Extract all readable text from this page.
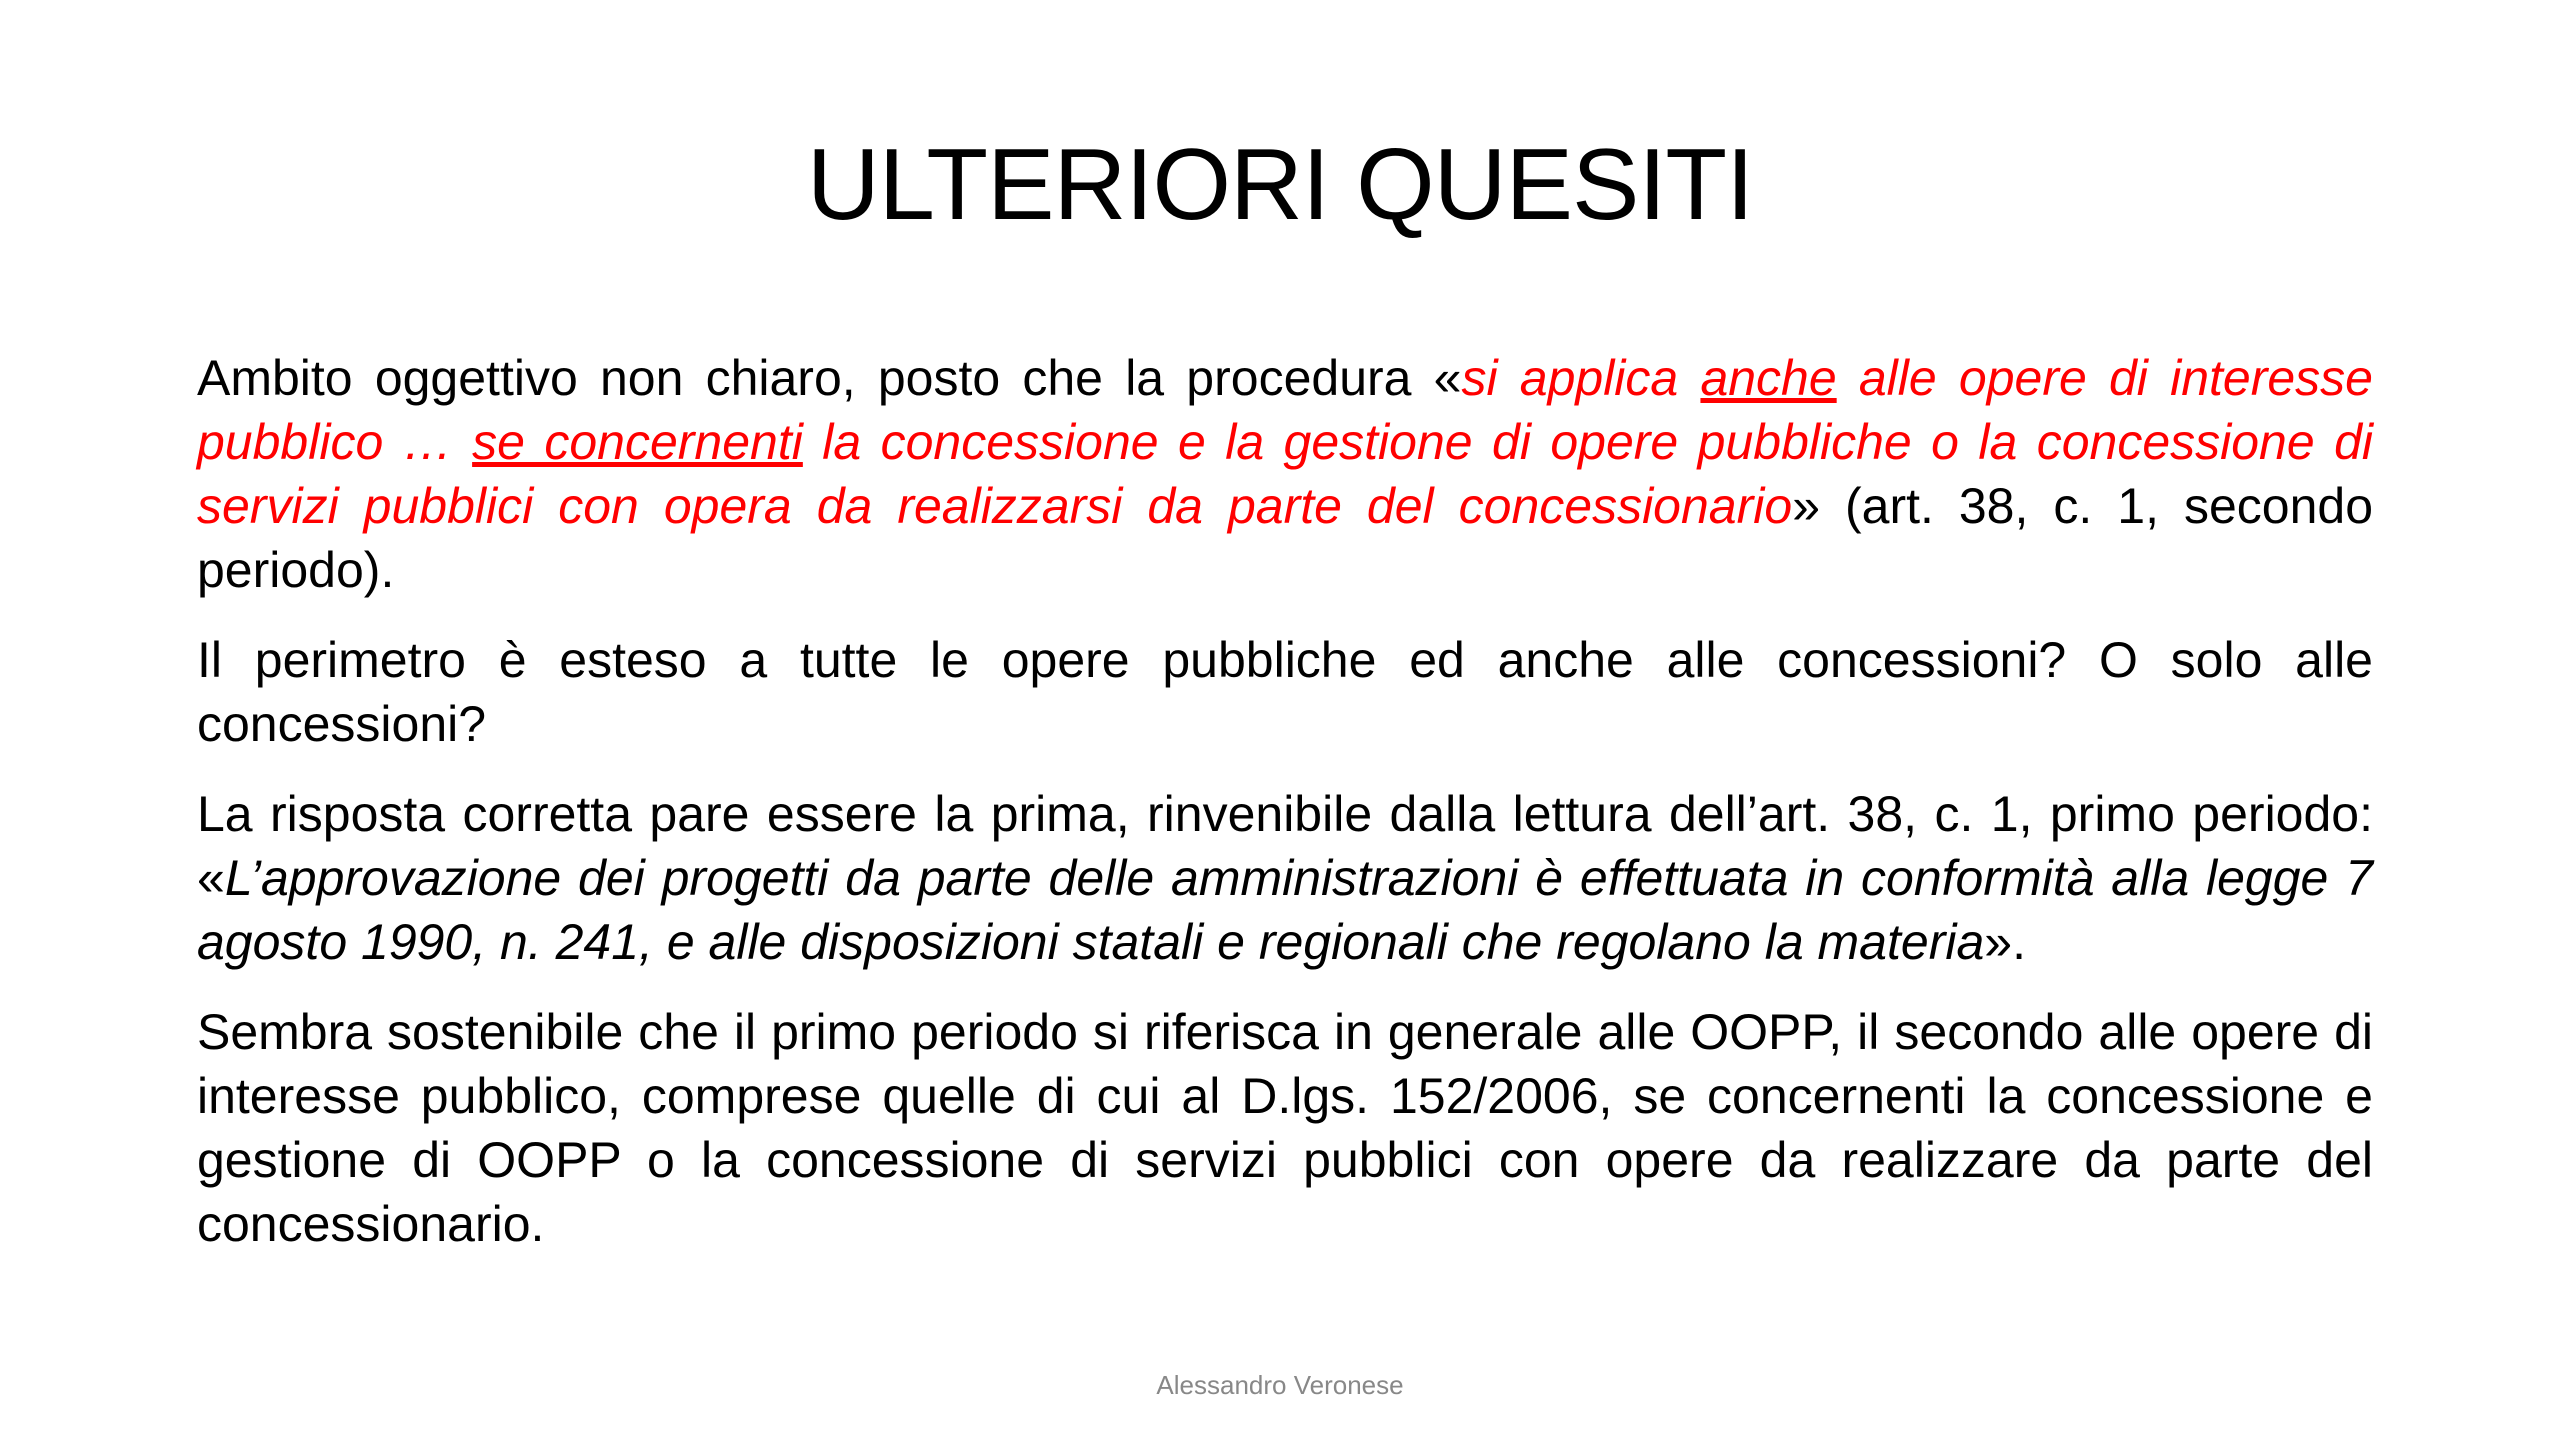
ULTERIORI QUESITI

Ambito oggettivo non chiaro, posto che la procedura «si applica anche alle opere di interesse pubblico … se concernenti la concessione e la gestione di opere pubbliche o la concessione di servizi pubblici con opera da realizzarsi da parte del concessionario» (art. 38, c. 1, secondo periodo).

Il perimetro è esteso a tutte le opere pubbliche ed anche alle concessioni? O solo alle concessioni?

La risposta corretta pare essere la prima, rinvenibile dalla lettura dell’art. 38, c. 1, primo periodo: «L’approvazione dei progetti da parte delle amministrazioni è effettuata in conformità alla legge 7 agosto 1990, n. 241, e alle disposizioni statali e regionali che regolano la materia».

Sembra sostenibile che il primo periodo si riferisca in generale alle OOPP, il secondo alle opere di interesse pubblico, comprese quelle di cui al D.lgs. 152/2006, se concernenti la concessione e gestione di OOPP o la concessione di servizi pubblici con opere da realizzare da parte del concessionario.

Alessandro Veronese
